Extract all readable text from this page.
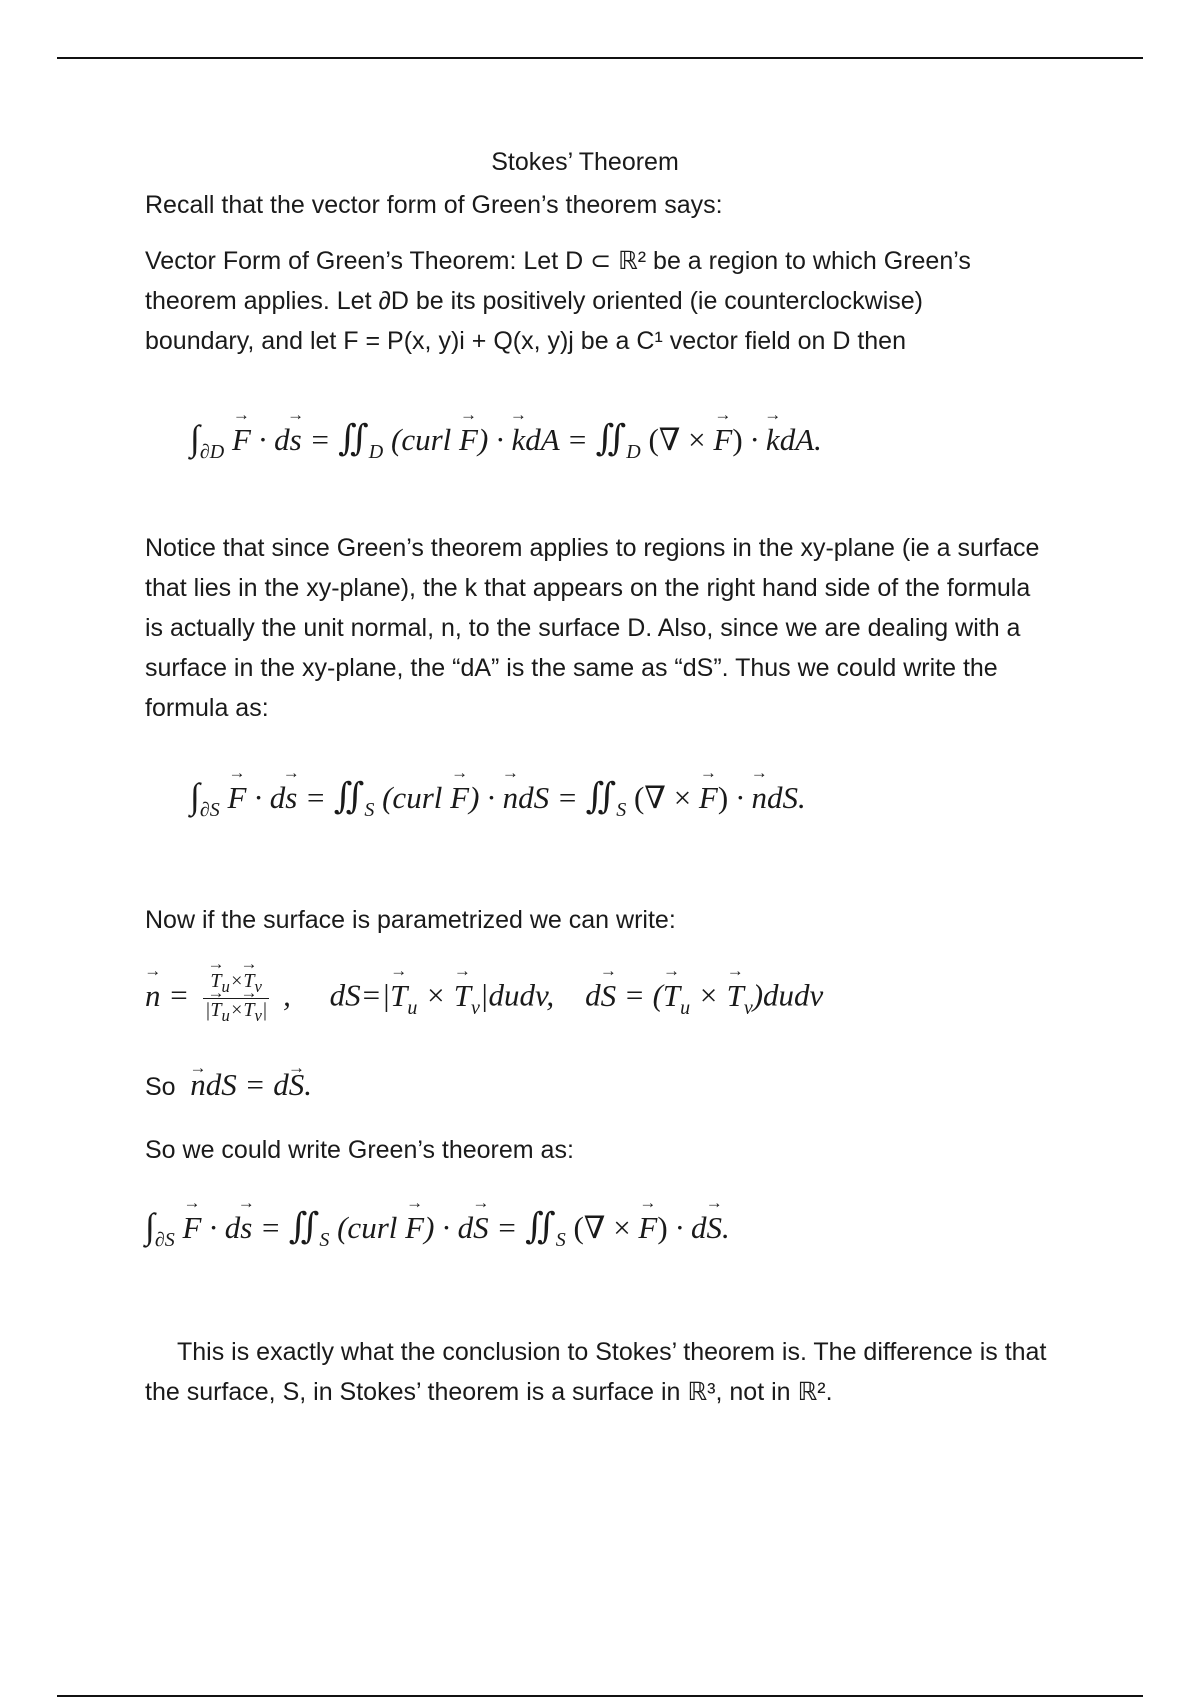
Stokes’ Theorem
Recall that the vector form of Green’s theorem says:
Vector Form of Green’s Theorem: Let D ⊂ ℝ² be a region to which Green’s
theorem applies. Let ∂D be its positively oriented (ie counterclockwise)
boundary, and let F = P(x, y)i + Q(x, y)j be a C¹ vector field on D then
$\int_{\partial D} \to F \cdot d\to s$ = $∬_D$ (curl → F) · → kdA = $∬_D$ (∇ × → F) · → kdA.
Notice that since Green’s theorem applies to regions in the xy-plane (ie a surface
that lies in the xy-plane), the k that appears on the right hand side of the formula
is actually the unit normal, n, to the surface D. Also, since we are dealing with a
surface in the xy-plane, the “dA” is the same as “dS”. Thus we could write the
formula as:
$\int_{\partial S} \to F \cdot d\to s$ = $∬_S$ (curl → F) · → ndS = $∬_S$ (∇ × → F) · → ndS.
Now if the surface is parametrized we can write:
→ n = → $\frac{T_u\times\to T_v}{|\to T_u\times\to T_v|}$ ,     $dS=|\to T_u$ × → $T_v|dudv$,    d→ S = (→ $T_u$ × → $T_v)dudv$
So → ndS = d→ S.
So we could write Green’s theorem as:
$\int_{\partial S} \to F \cdot d\to s$ = $∬_S$ (curl → $F) \cdot d\to S = ∬_S$ (∇ × → F) · d→ S.
This is exactly what the conclusion to Stokes’ theorem is. The difference is that
the surface, S, in Stokes’ theorem is a surface in ℝ³, not in ℝ².
